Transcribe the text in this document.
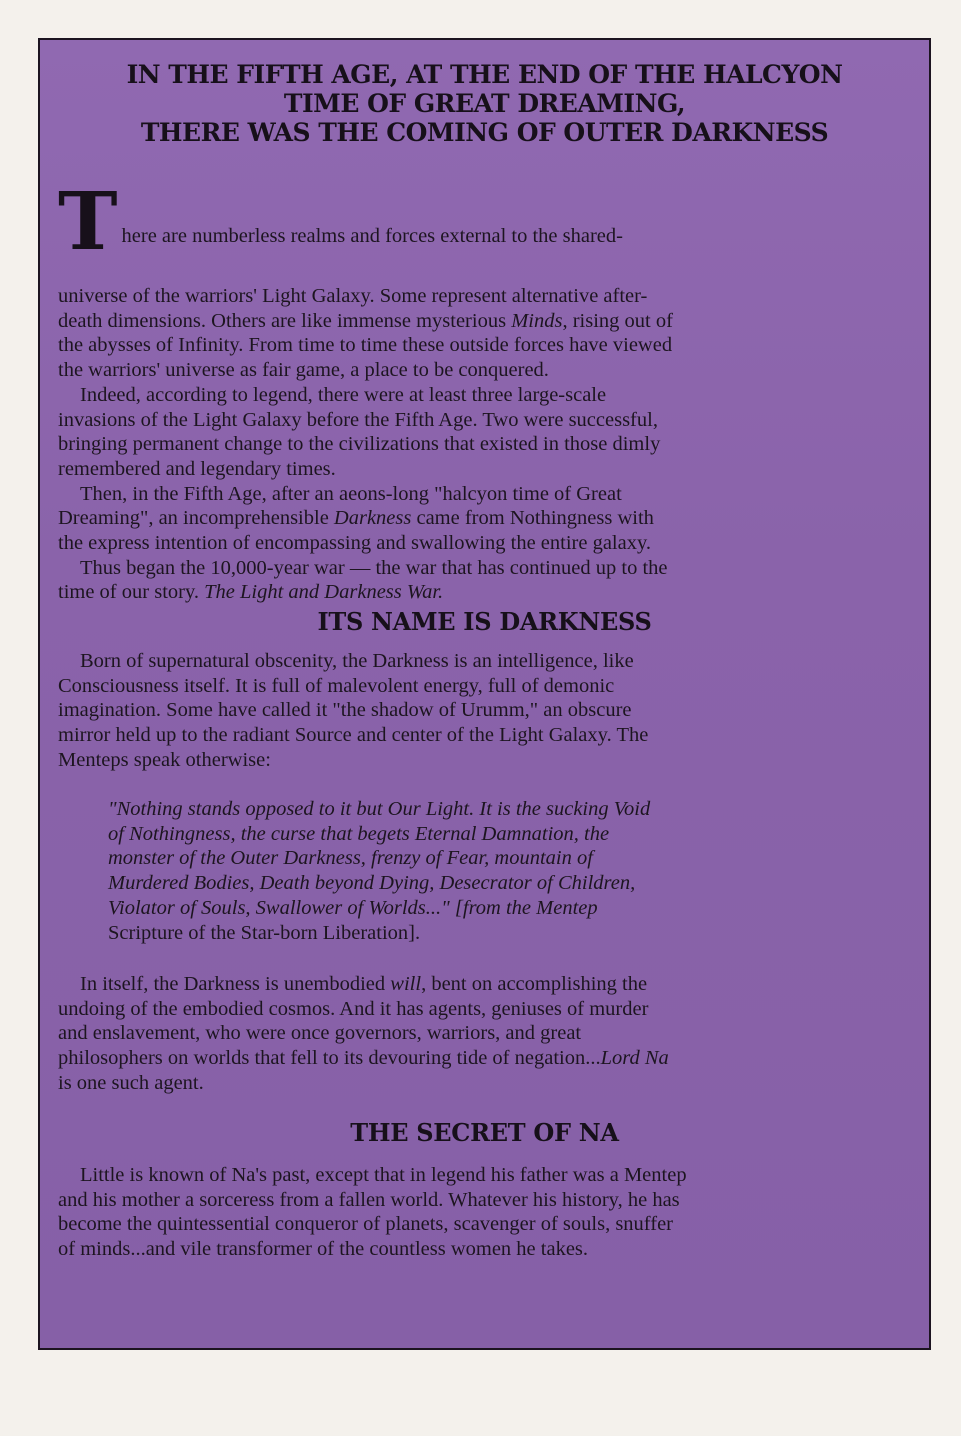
IN THE FIFTH AGE, AT THE END OF THE HALCYON
TIME OF GREAT DREAMING,
THERE WAS THE COMING OF OUTER DARKNESS
T here are numberless realms and forces external to the shared-
universe of the warriors' Light Galaxy. Some represent alternative after-
death dimensions. Others are like immense mysterious Minds, rising out of
the abysses of Infinity. From time to time these outside forces have viewed
the warriors' universe as fair game, a place to be conquered.
Indeed, according to legend, there were at least three large-scale
invasions of the Light Galaxy before the Fifth Age. Two were successful,
bringing permanent change to the civilizations that existed in those dimly
remembered and legendary times.
Then, in the Fifth Age, after an aeons-long "halcyon time of Great
Dreaming", an incomprehensible Darkness came from Nothingness with
the express intention of encompassing and swallowing the entire galaxy.
Thus began the 10,000-year war — the war that has continued up to the
time of our story. The Light and Darkness War.
ITS NAME IS DARKNESS
Born of supernatural obscenity, the Darkness is an intelligence, like
Consciousness itself. It is full of malevolent energy, full of demonic
imagination. Some have called it "the shadow of Urumm," an obscure
mirror held up to the radiant Source and center of the Light Galaxy. The
Menteps speak otherwise:
"Nothing stands opposed to it but Our Light. It is the sucking Void
of Nothingness, the curse that begets Eternal Damnation, the
monster of the Outer Darkness, frenzy of Fear, mountain of
Murdered Bodies, Death beyond Dying, Desecrator of Children,
Violator of Souls, Swallower of Worlds..." [from the Mentep
Scripture of the Star-born Liberation].
In itself, the Darkness is unembodied will, bent on accomplishing the
undoing of the embodied cosmos. And it has agents, geniuses of murder
and enslavement, who were once governors, warriors, and great
philosophers on worlds that fell to its devouring tide of negation...Lord Na
is one such agent.
THE SECRET OF NA
Little is known of Na's past, except that in legend his father was a Mentep
and his mother a sorceress from a fallen world. Whatever his history, he has
become the quintessential conqueror of planets, scavenger of souls, snuffer
of minds...and vile transformer of the countless women he takes.
